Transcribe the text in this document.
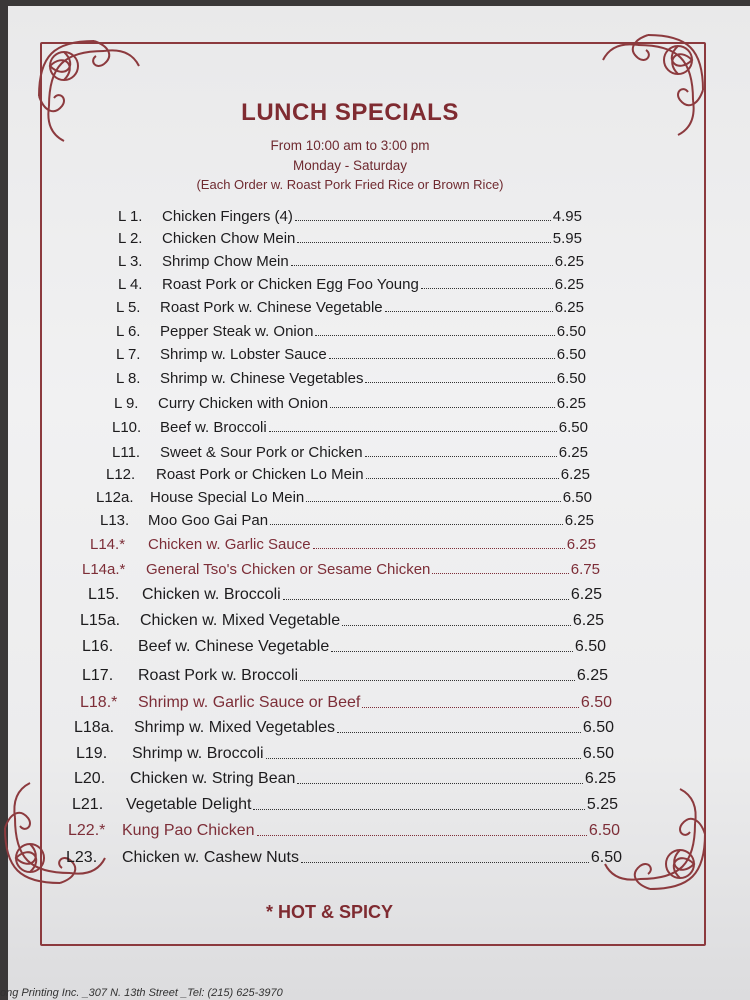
LUNCH SPECIALS
From 10:00 am to 3:00 pm
Monday - Saturday
(Each Order w. Roast Pork Fried Rice or Brown Rice)
L 1.	Chicken Fingers (4)	4.95
L 2.	Chicken Chow Mein	5.95
L 3.	Shrimp Chow Mein	6.25
L 4.	Roast Pork or Chicken Egg Foo Young	6.25
L 5.	Roast Pork w. Chinese Vegetable	6.25
L 6.	Pepper Steak w. Onion	6.50
L 7.	Shrimp w. Lobster Sauce	6.50
L 8.	Shrimp w. Chinese Vegetables	6.50
L 9.	Curry Chicken with Onion	6.25
L10.	Beef w. Broccoli	6.50
L11.	Sweet & Sour Pork or Chicken	6.25
L12.	Roast Pork or Chicken Lo Mein	6.25
L12a.	House Special Lo Mein	6.50
L13.	Moo Goo Gai Pan	6.25
L14.*	Chicken w. Garlic Sauce	6.25
L14a.*	General Tso's Chicken or Sesame Chicken	6.75
L15.	Chicken w. Broccoli	6.25
L15a.	Chicken w. Mixed Vegetable	6.25
L16.	Beef w. Chinese Vegetable	6.50
L17.	Roast Pork w. Broccoli	6.25
L18.*	Shrimp w. Garlic Sauce or Beef	6.50
L18a.	Shrimp w. Mixed Vegetables	6.50
L19.	Shrimp w. Broccoli	6.50
L20.	Chicken w. String Bean	6.25
L21.	Vegetable Delight	5.25
L22.*	Kung Pao Chicken	6.50
L23.	Chicken w. Cashew Nuts	6.50
* HOT & SPICY
ong Printing Inc. _307 N. 13th Street _Tel: (215) 625-3970
